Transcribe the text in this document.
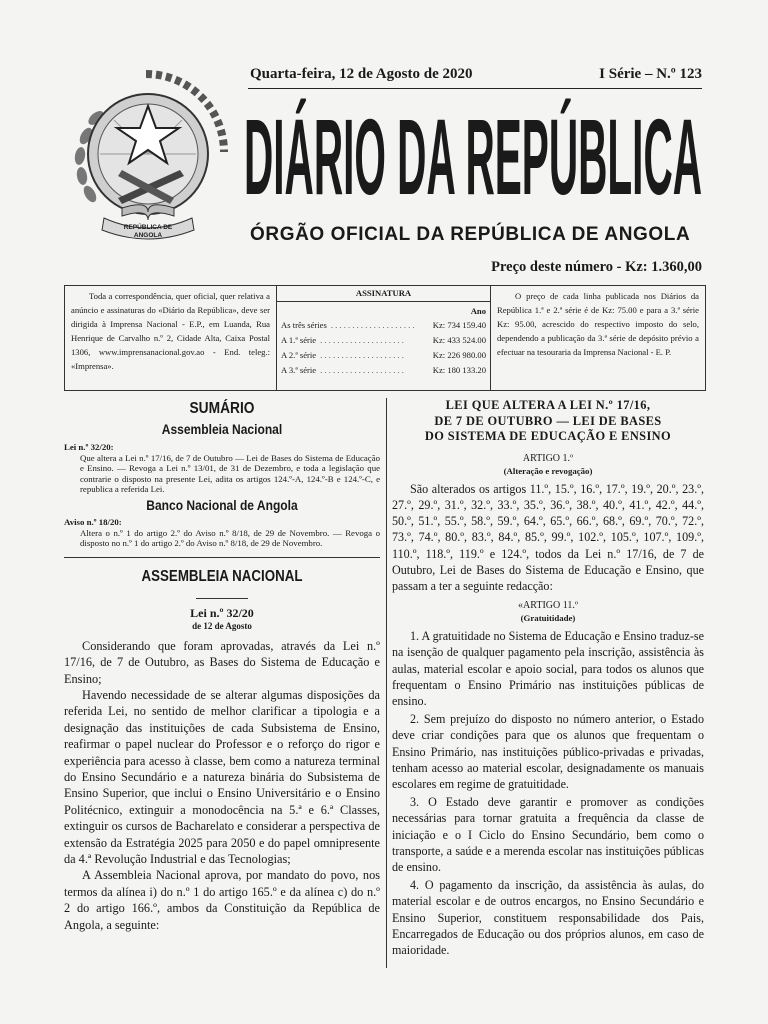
REPÚBLICA DE ANGOLA
Quarta-feira, 12 de Agosto de 2020	I Série – N.º 123
DIÁRIO DA REPÚBLICA
ÓRGÃO OFICIAL DA REPÚBLICA DE ANGOLA
Preço deste número - Kz: 1.360,00
Toda a correspondência, quer oficial, quer relativa a anúncio e assinaturas do «Diário da República», deve ser dirigida à Imprensa Nacional - E.P., em Luanda, Rua Henrique de Carvalho n.º 2, Cidade Alta, Caixa Postal 1306, www.imprensanacional.gov.ao - End. teleg.: «Imprensa».
ASSINATURA
Ano
As três séries . . . . . . . . . . . . . . . . . . . .	Kz: 734 159.40
A 1.ª série . . . . . . . . . . . . . . . . . . . .	Kz: 433 524.00
A 2.ª série . . . . . . . . . . . . . . . . . . . .	Kz: 226 980.00
A 3.ª série . . . . . . . . . . . . . . . . . . . .	Kz: 180 133.20
O preço de cada linha publicada nos Diários da República 1.ª e 2.ª série é de Kz: 75.00 e para a 3.ª série Kz: 95.00, acrescido do respectivo imposto do selo, dependendo a publicação da 3.ª série de depósito prévio a efectuar na tesouraria da Imprensa Nacional - E. P.
SUMÁRIO
Assembleia Nacional
Lei n.º 32/20:
Que altera a Lei n.º 17/16, de 7 de Outubro — Lei de Bases do Sistema de Educação e Ensino. — Revoga a Lei n.º 13/01, de 31 de Dezembro, e toda a legislação que contrarie o disposto na presente Lei, adita os artigos 124.º-A, 124.º-B e 124.º-C, e republica a referida Lei.
Banco Nacional de Angola
Aviso n.º 18/20:
Altera o n.º 1 do artigo 2.º do Aviso n.º 8/18, de 29 de Novembro. — Revoga o disposto no n.º 1 do artigo 2.º do Aviso n.º 8/18, de 29 de Novembro.
ASSEMBLEIA NACIONAL
Lei n.º 32/20
de 12 de Agosto

Considerando que foram aprovadas, através da Lei n.º 17/16, de 7 de Outubro, as Bases do Sistema de Educação e Ensino;

Havendo necessidade de se alterar algumas disposições da referida Lei, no sentido de melhor clarificar a tipologia e a designação das instituições de cada Subsistema de Ensino, reafirmar o papel nuclear do Professor e o reforço do rigor e experiência para acesso à classe, bem como a natureza terminal do Ensino Secundário e a natureza binária do Subsistema de Ensino Superior, que inclui o Ensino Universitário e o Ensino Politécnico, extinguir a monodocência na 5.ª e 6.ª Classes, extinguir os cursos de Bacharelato e considerar a perspectiva de extensão da Estratégia 2025 para 2050 e do papel omnipresente da 4.ª Revolução Industrial e das Tecnologias;

A Assembleia Nacional aprova, por mandato do povo, nos termos da alínea i) do n.º 1 do artigo 165.º e da alínea c) do n.º 2 do artigo 166.º, ambos da Constituição da República de Angola, a seguinte:

LEI QUE ALTERA A LEI N.º 17/16,
DE 7 DE OUTUBRO — LEI DE BASES
DO SISTEMA DE EDUCAÇÃO E ENSINO
ARTIGO 1.º
(Alteração e revogação)

São alterados os artigos 11.º, 15.º, 16.º, 17.º, 19.º, 20.º, 23.º, 27.º, 29.º, 31.º, 32.º, 33.º, 35.º, 36.º, 38.º, 40.º, 41.º, 42.º, 44.º, 50.º, 51.º, 55.º, 58.º, 59.º, 64.º, 65.º, 66.º, 68.º, 69.º, 70.º, 72.º, 73.º, 74.º, 80.º, 83.º, 84.º, 85.º, 99.º, 102.º, 105.º, 107.º, 109.º, 110.º, 118.º, 119.º e 124.º, todos da Lei n.º 17/16, de 7 de Outubro, Lei de Bases do Sistema de Educação e Ensino, que passam a ter a seguinte redacção:

«ARTIGO 11.º
(Gratuitidade)

1. A gratuitidade no Sistema de Educação e Ensino traduz-se na isenção de qualquer pagamento pela inscrição, assistência às aulas, material escolar e apoio social, para todos os alunos que frequentam o Ensino Primário nas instituições públicas de ensino.

2. Sem prejuízo do disposto no número anterior, o Estado deve criar condições para que os alunos que frequentam o Ensino Primário, nas instituições público-privadas e privadas, tenham acesso ao material escolar, designadamente os manuais escolares em regime de gratuitidade.

3. O Estado deve garantir e promover as condições necessárias para tornar gratuita a frequência da classe de iniciação e o I Ciclo do Ensino Secundário, bem como o transporte, a saúde e a merenda escolar nas instituições públicas de ensino.

4. O pagamento da inscrição, da assistência às aulas, do material escolar e de outros encargos, no Ensino Secundário e Ensino Superior, constituem responsabilidade dos Pais, Encarregados de Educação ou dos próprios alunos, em caso de maioridade.
